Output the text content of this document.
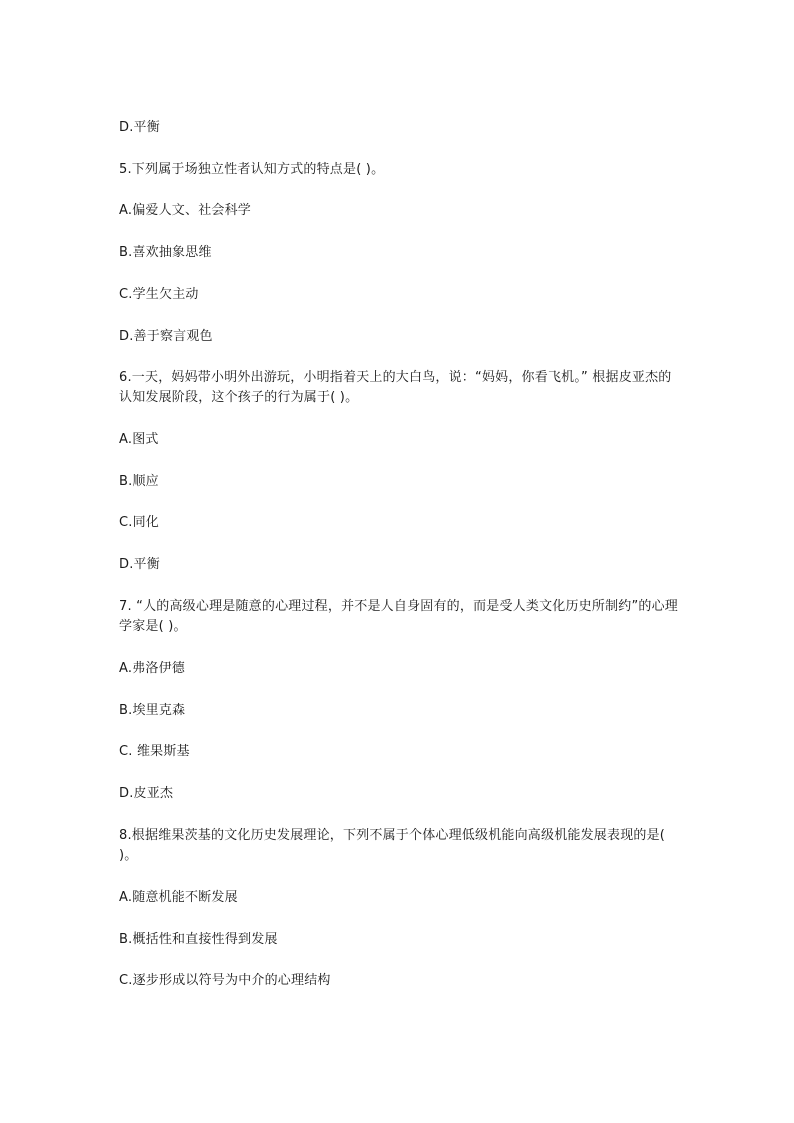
D.平衡
5.下列属于场独立性者认知方式的特点是( )。
A.偏爱人文、社会科学
B.喜欢抽象思维
C.学生欠主动
D.善于察言观色
6.一天，妈妈带小明外出游玩，小明指着天上的大白鸟，说：“妈妈，你看飞机。” 根据皮亚杰的认知发展阶段，这个孩子的行为属于( )。
A.图式
B.顺应
C.同化
D.平衡
7. “人的高级心理是随意的心理过程，并不是人自身固有的，而是受人类文化历史所制约”的心理学家是( )。
A.弗洛伊德
B.埃里克森
C. 维果斯基
D.皮亚杰
8.根据维果茨基的文化历史发展理论，下列不属于个体心理低级机能向高级机能发展表现的是( )。
A.随意机能不断发展
B.概括性和直接性得到发展
C.逐步形成以符号为中介的心理结构
